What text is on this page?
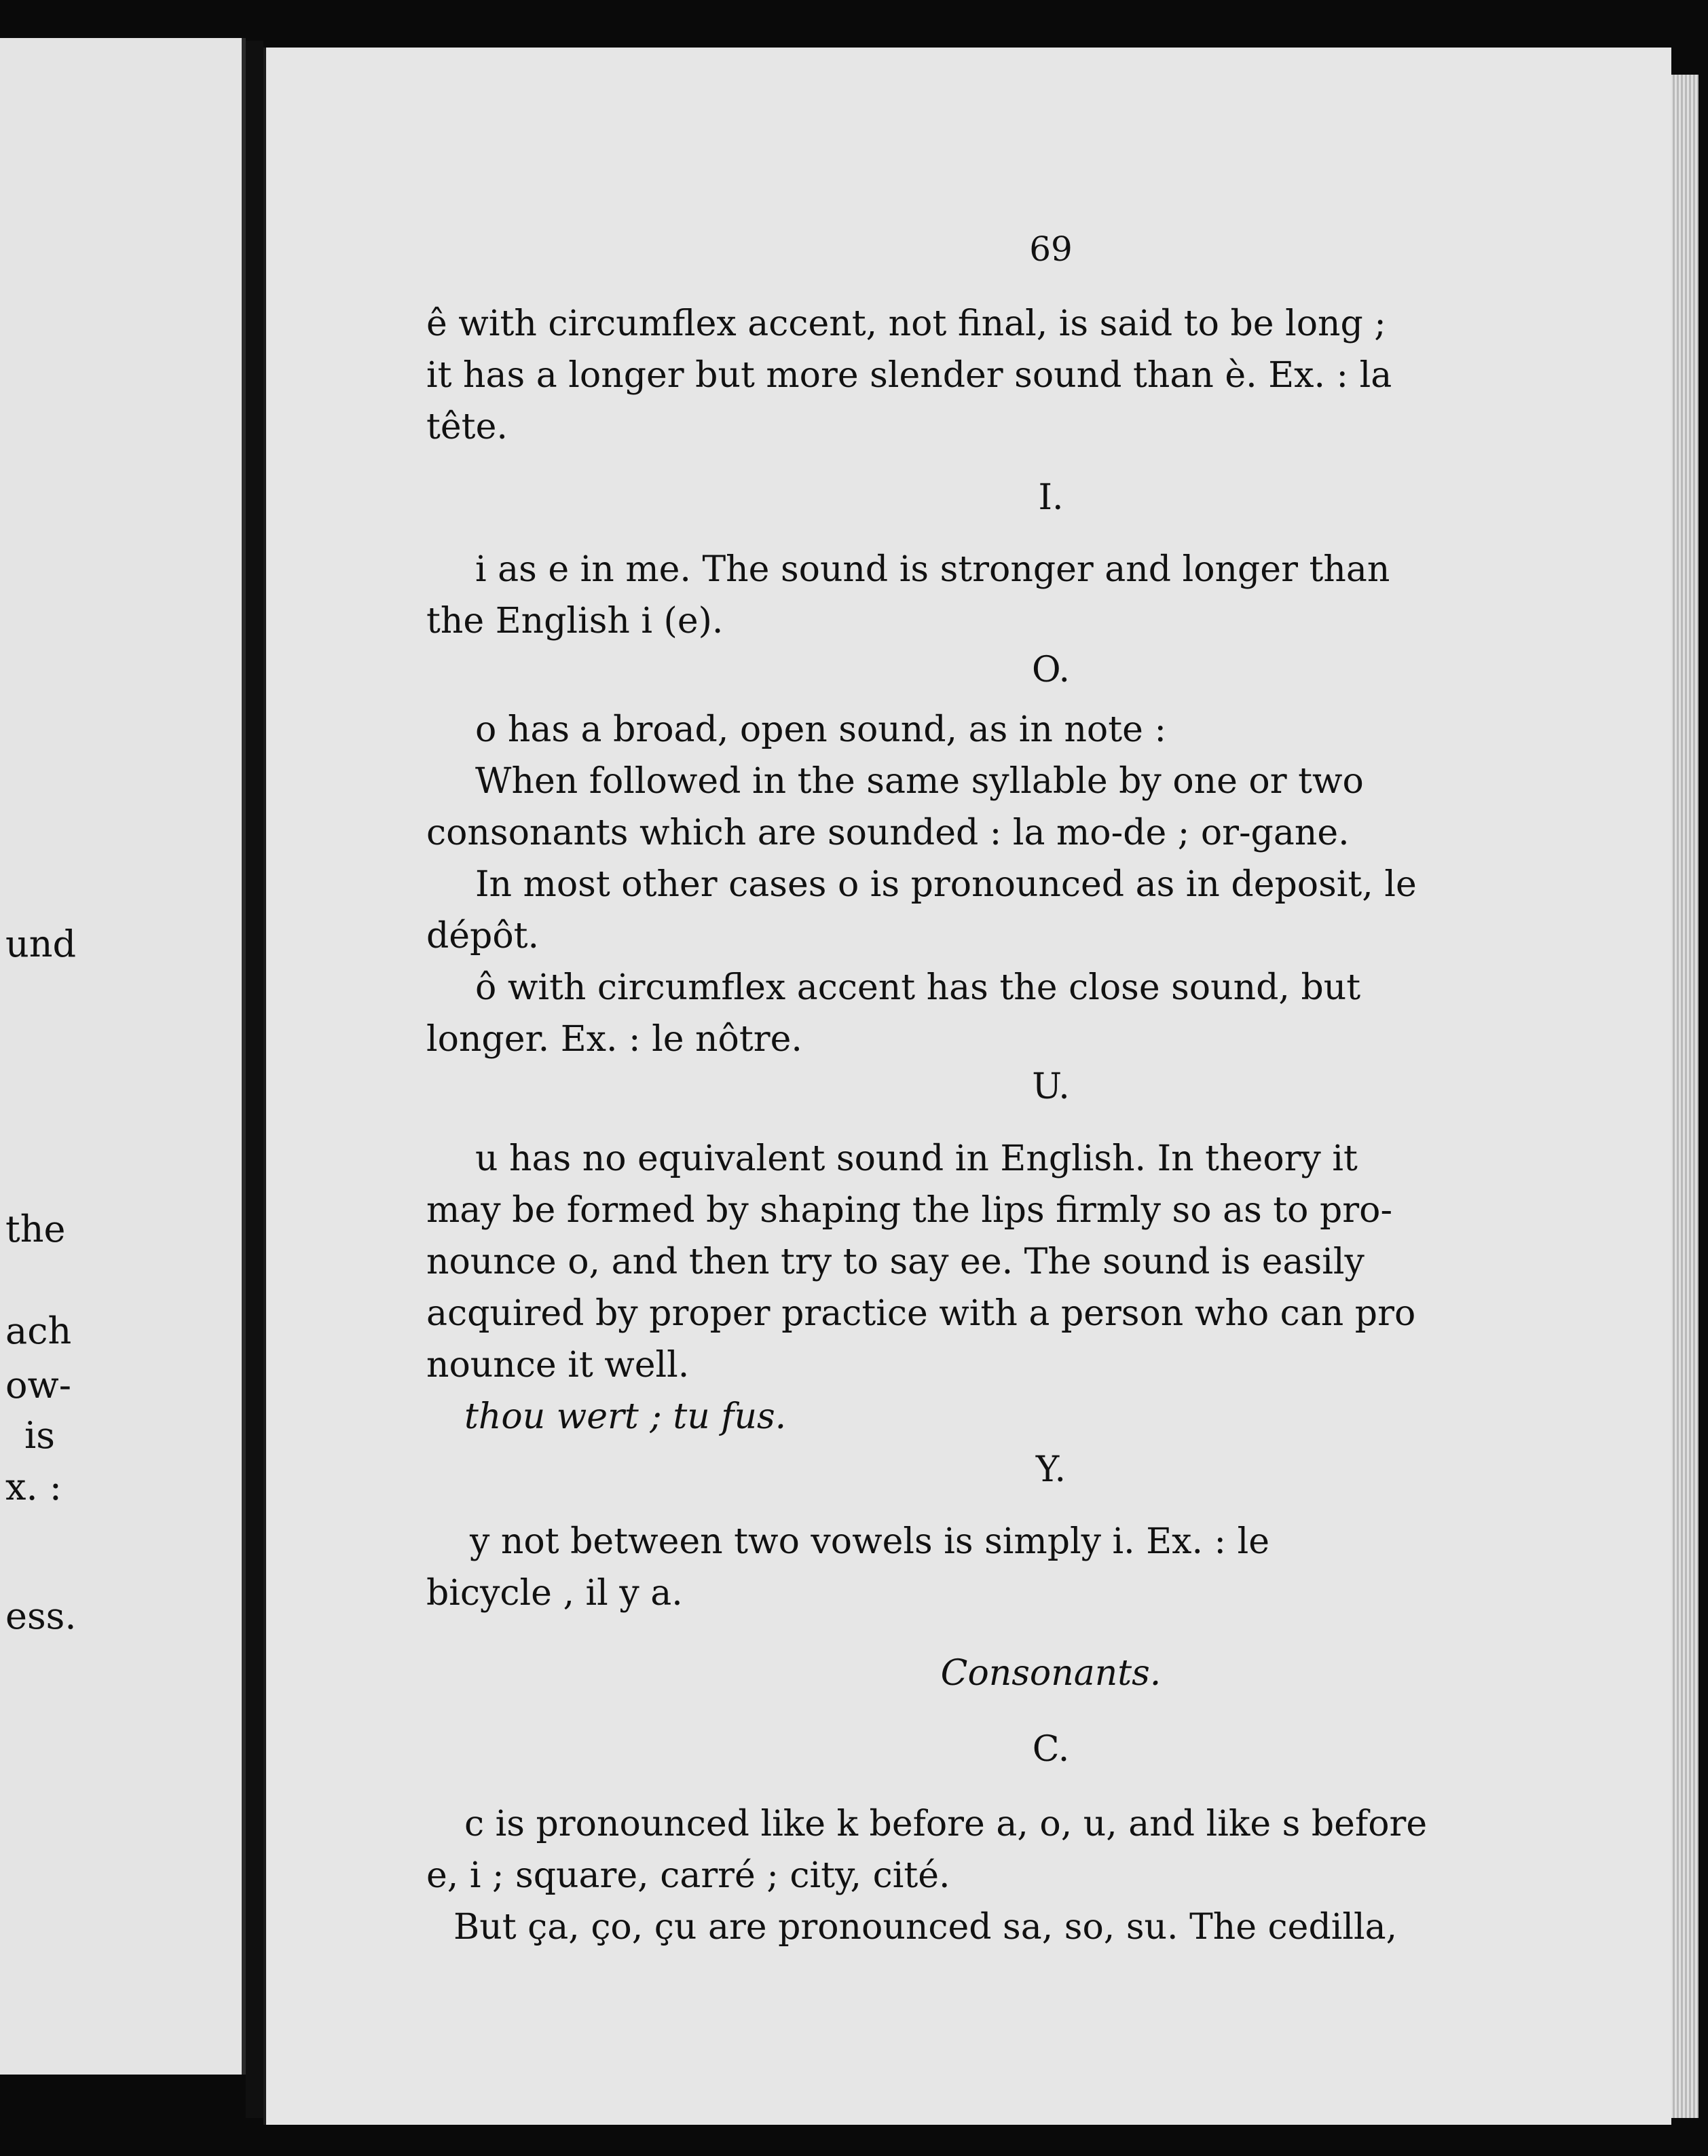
und
the
ach
ow-
is
x. :
ess.
69
ê with circumflex accent, not final, is said to be long ;
it has a longer but more slender sound than è. Ex. : la
tête.
I.
i as e in me. The sound is stronger and longer than
the English i (e).
O.
o has a broad, open sound, as in note :
When followed in the same syllable by one or two
consonants which are sounded : la mo-de ; or-gane.
In most other cases o is pronounced as in deposit, le
dépôt.
ô with circumflex accent has the close sound, but
longer. Ex. : le nôtre.
U.
u has no equivalent sound in English. In theory it
may be formed by shaping the lips firmly so as to pro-
nounce o, and then try to say ee. The sound is easily
acquired by proper practice with a person who can pro
nounce it well.
thou wert ; tu fus.
Y.
y not between two vowels is simply i. Ex. : le
bicycle , il y a.
Consonants.
C.
c is pronounced like k before a, o, u, and like s before
e, i ; square, carré ; city, cité.
But ça, ço, çu are pronounced sa, so, su. The cedilla,
